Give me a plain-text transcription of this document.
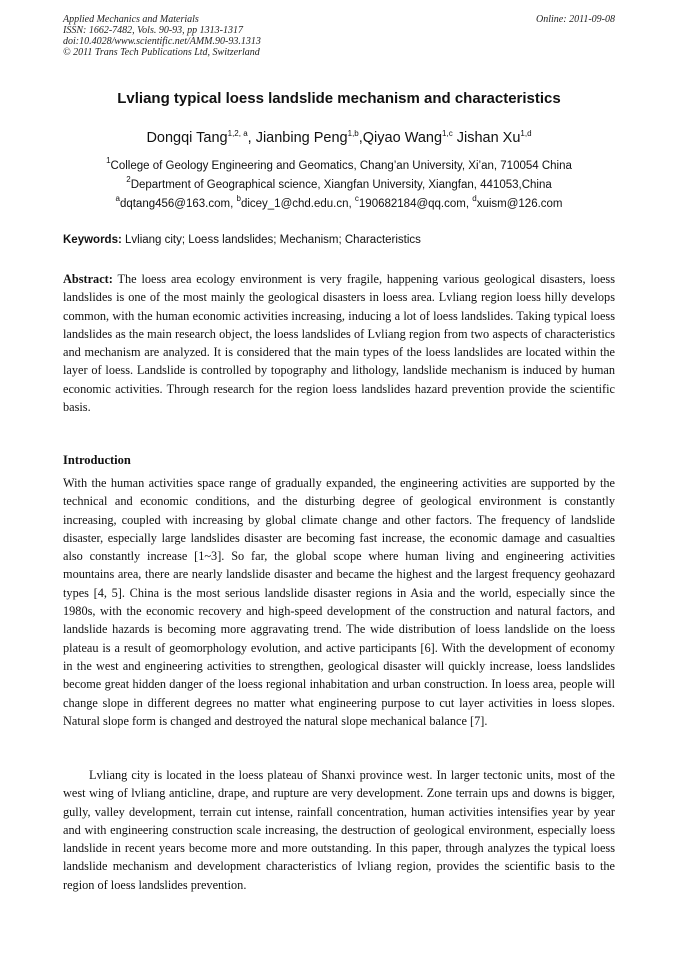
Applied Mechanics and Materials
ISSN: 1662-7482, Vols. 90-93, pp 1313-1317
doi:10.4028/www.scientific.net/AMM.90-93.1313
© 2011 Trans Tech Publications Ltd, Switzerland
Online: 2011-09-08
Lvliang typical loess landslide mechanism and characteristics
Dongqi Tang$^{1,2, a}$, Jianbing Peng$^{1,b}$,Qiyao Wang$^{1,c}$ Jishan Xu$^{1,d}$
$^1$College of Geology Engineering and Geomatics, Chang’an University, Xi’an, 710054 China
$^2$Department of Geographical science, Xiangfan University, Xiangfan, 441053,China
$^a$dqtang456@163.com, $^b$dicey_1@chd.edu.cn, $^c$190682184@qq.com, $^d$xuism@126.com
Keywords: Lvliang city; Loess landslides; Mechanism; Characteristics

Abstract: The loess area ecology environment is very fragile, happening various geological disasters, loess landslides is one of the most mainly the geological disasters in loess area. Lvliang region loess hilly develops common, with the human economic activities increasing, inducing a lot of loess landslides. Taking typical loess landslides as the main research object, the loess landslides of Lvliang region from two aspects of characteristics and mechanism are analyzed. It is considered that the main types of the loess landslides are located within the layer of loess. Landslide is controlled by topography and lithology, landslide mechanism is induced by human economic activities. Through research for the region loess landslides hazard prevention provide the scientific basis.

Introduction

With the human activities space range of gradually expanded, the engineering activities are supported by the technical and economic conditions, and the disturbing degree of geological environment is constantly increasing, coupled with increasing by global climate change and other factors. The frequency of landslide disaster, especially large landslides disaster are becoming fast increase, the economic damage and casualties also constantly increase [1~3]. So far, the global scope where human living and engineering activities mountains area, there are nearly landslide disaster and became the highest and the largest frequency geohazard types [4, 5]. China is the most serious landslide disaster regions in Asia and the world, especially since the 1980s, with the economic recovery and high-speed development of the construction and natural factors, and landslide hazards is becoming more aggravating trend. The wide distribution of loess landslide on the loess plateau is a result of geomorphology evolution, and active participants [6]. With the development of economy in the west and engineering activities to strengthen, geological disaster will quickly increase, loess landslides become great hidden danger of the loess regional inhabitation and urban construction. In loess area, people will change slope in different degrees no matter what engineering purpose to cut layer activities in loess slopes. Natural slope form is changed and destroyed the natural slope mechanical balance [7].

Lvliang city is located in the loess plateau of Shanxi province west. In larger tectonic units, most of the west wing of lvliang anticline, drape, and rupture are very development. Zone terrain ups and downs is bigger, gully, valley development, terrain cut intense, rainfall concentration, human activities intensifies year by year and with engineering construction scale increasing, the destruction of geological environment, especially loess landslide in recent years become more and more outstanding. In this paper, through analyzes the typical loess landslide mechanism and development characteristics of lvliang region, provides the scientific basis to the region of loess landslides prevention.
